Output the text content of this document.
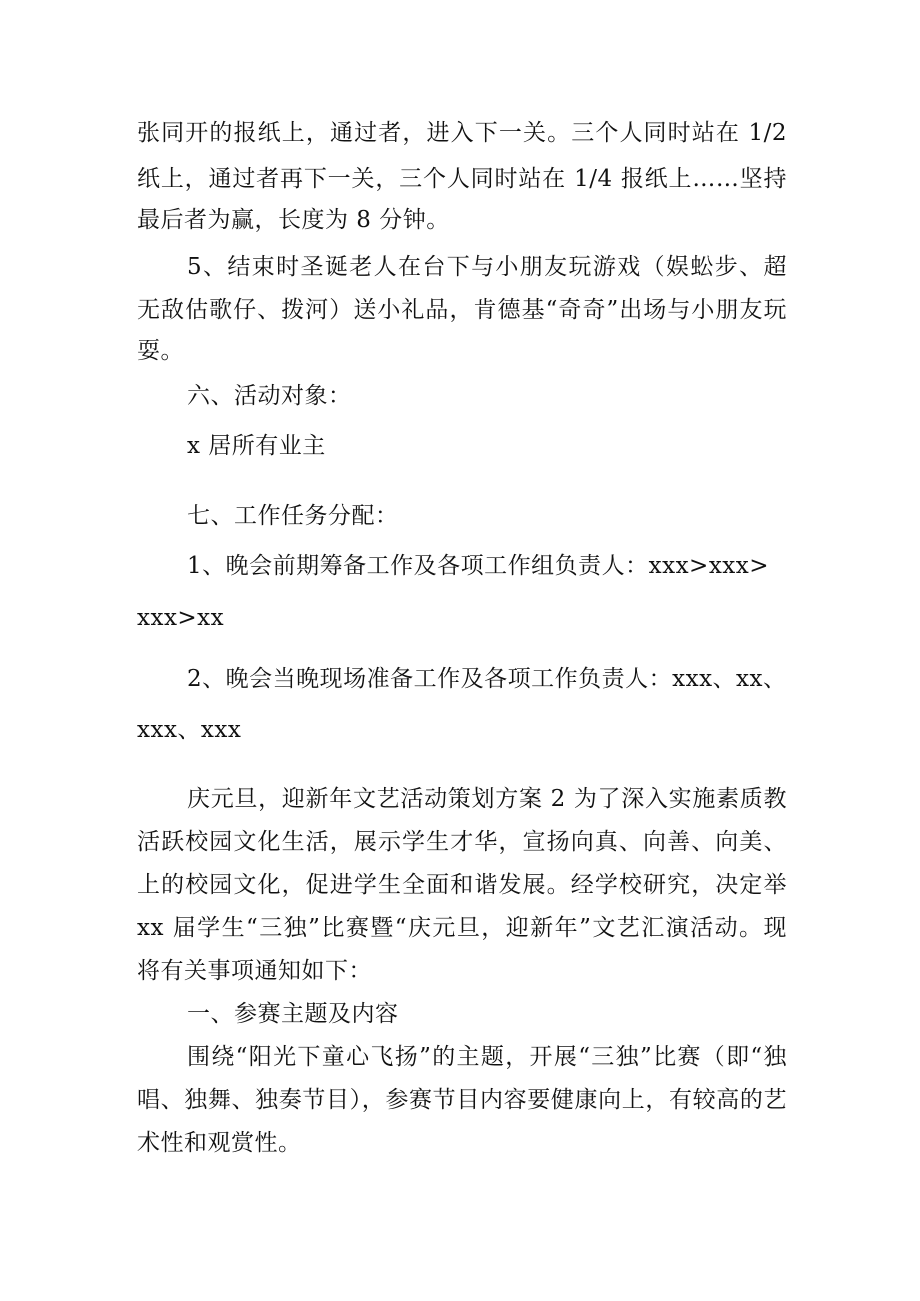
张同开的报纸上，通过者，进入下一关。三个人同时站在 1/2
纸上，通过者再下一关，三个人同时站在 1/4 报纸上……坚持
最后者为赢，长度为 8 分钟。
5、结束时圣诞老人在台下与小朋友玩游戏（娱蚣步、超
无敌估歌仔、拨河）送小礼品，肯德基“奇奇”出场与小朋友玩
耍。
六、活动对象：
x 居所有业主
七、工作任务分配：
1、晚会前期筹备工作及各项工作组负责人：xxx>xxx>
xxx>xx
2、晚会当晚现场准备工作及各项工作负责人：xxx、xx、
xxx、xxx
庆元旦，迎新年文艺活动策划方案 2 为了深入实施素质教
活跃校园文化生活，展示学生才华，宣扬向真、向善、向美、
上的校园文化，促进学生全面和谐发展。经学校研究，决定举
xx 届学生“三独”比赛暨“庆元旦，迎新年”文艺汇演活动。现
将有关事项通知如下：
一、参赛主题及内容
围绕“阳光下童心飞扬”的主题，开展“三独”比赛（即“独
唱、独舞、独奏节目），参赛节目内容要健康向上，有较高的艺
术性和观赏性。
